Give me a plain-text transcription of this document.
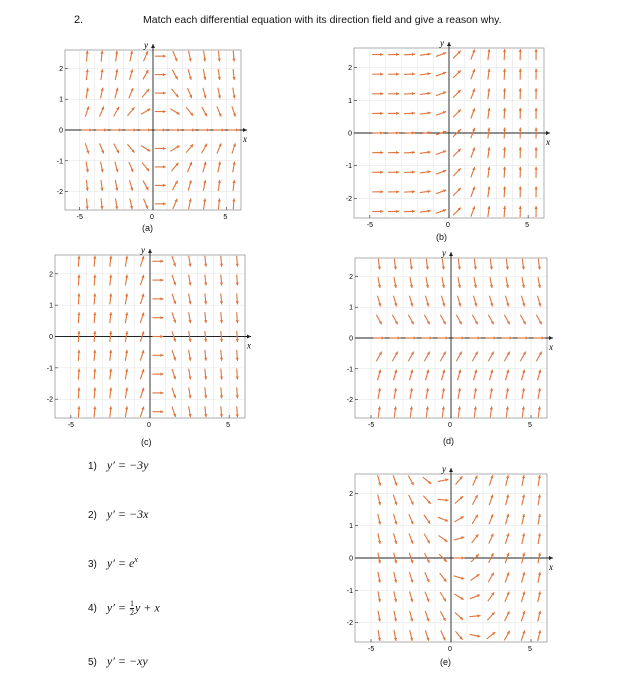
2.	Match each differential equation with its direction field and give a reason why.
x
y
-5	0	5
2
1
0
-1
-2
(a)
x
y
-5	0	5
2
1
0
-1
-2
(b)
x
y
-5	0	5
2
1
0
-1
-2
(c)
x
y
-5	0	5
2
1
0
-1
-2
(d)
x
y
-5	0	5
2
1
0
-1
-2
(e)
1) y′ = −3y
2) y′ = −3x
3) $y' = e^x$
4) $y' = \frac{1}{2}$ y + x
5) y′ = −xy
